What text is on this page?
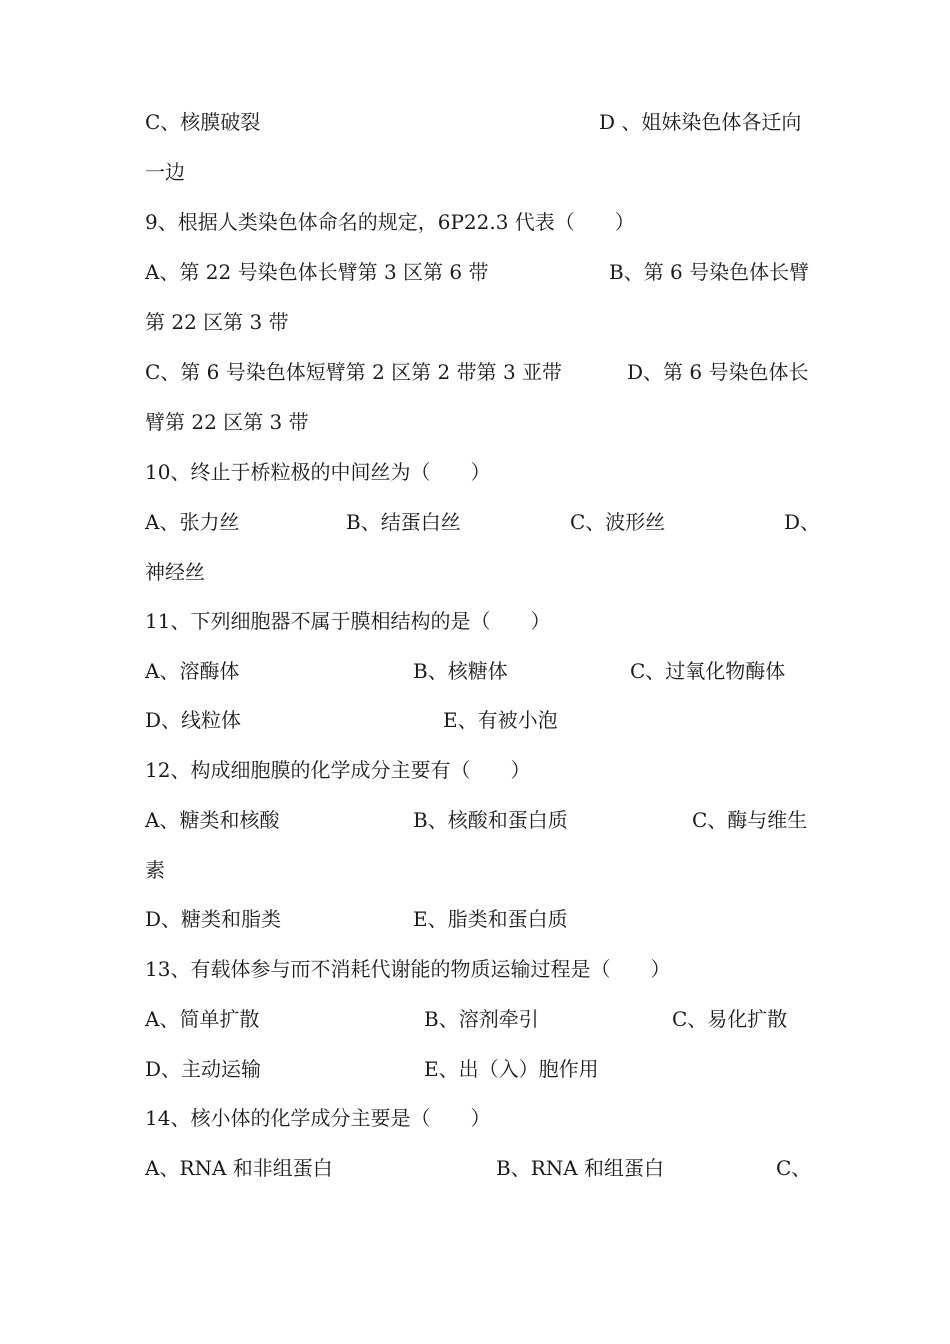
C、核膜破裂	D 、姐妹染色体各迁向
一边
9、根据人类染色体命名的规定，6P22.3 代表（　　）
A、第 22 号染色体长臂第 3 区第 6 带	B、第 6 号染色体长臂
第 22 区第 3 带
C、第 6 号染色体短臂第 2 区第 2 带第 3 亚带	D、第 6 号染色体长
臂第 22 区第 3 带
10、终止于桥粒极的中间丝为（　　）
A、张力丝	B、结蛋白丝	C、波形丝	D、
神经丝
11、下列细胞器不属于膜相结构的是（　　）
A、溶酶体	B、核糖体	C、过氧化物酶体
D、线粒体	E、有被小泡
12、构成细胞膜的化学成分主要有（　　）
A、糖类和核酸	B、核酸和蛋白质	C、酶与维生
素
D、糖类和脂类	E、脂类和蛋白质
13、有载体参与而不消耗代谢能的物质运输过程是（　　）
A、简单扩散	B、溶剂牵引	C、易化扩散
D、主动运输	E、出（入）胞作用
14、核小体的化学成分主要是（　　）
A、RNA 和非组蛋白	B、RNA 和组蛋白	C、
